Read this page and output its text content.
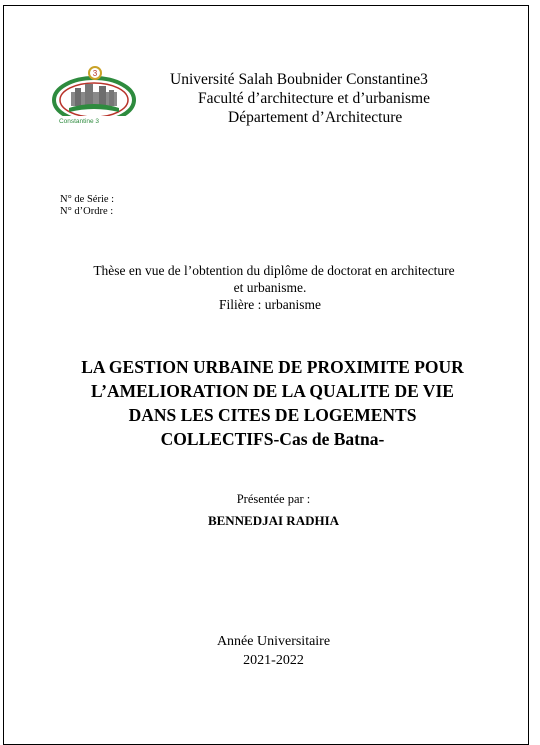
3
Constantine 3
Université Salah Boubnider Constantine3
Faculté d’architecture et d’urbanisme
Département d’Architecture
N° de Série :
N° d’Ordre :
Thèse en vue de l’obtention du diplôme de doctorat en architecture
et urbanisme.
Filière : urbanisme
LA GESTION URBAINE DE PROXIMITE POUR
L’AMELIORATION DE LA QUALITE DE VIE
DANS LES CITES DE LOGEMENTS
COLLECTIFS-Cas de Batna-
Présentée par :
BENNEDJAI RADHIA
Année Universitaire
2021-2022
